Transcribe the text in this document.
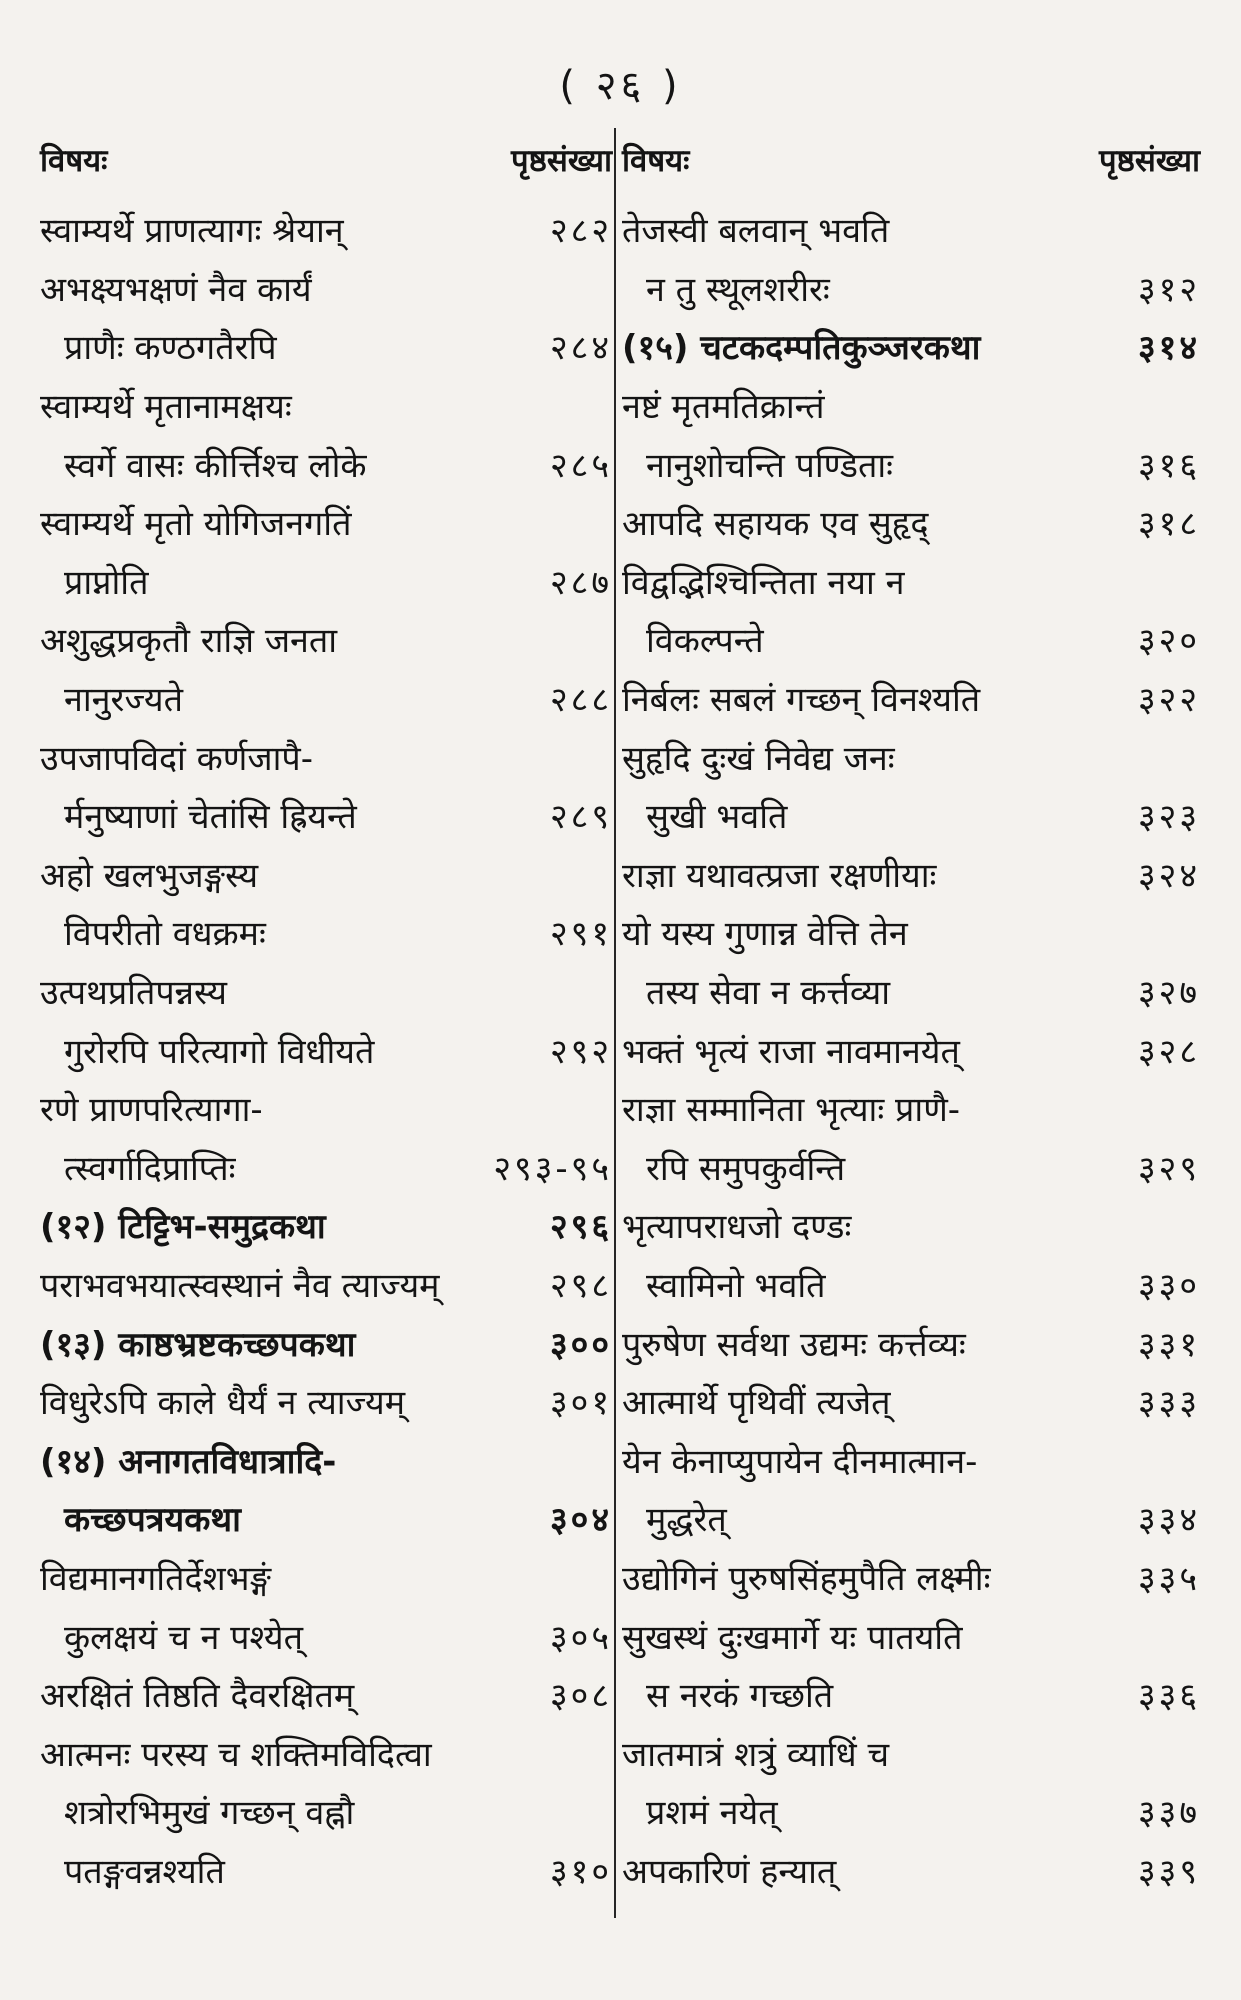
( २६ )
विषयः	पृष्ठसंख्या
स्वाम्यर्थे प्राणत्यागः श्रेयान्	२८२
अभक्ष्यभक्षणं नैव कार्यं
प्राणैः कण्ठगतैरपि	२८४
स्वाम्यर्थे मृतानामक्षयः
स्वर्गे वासः कीर्त्तिश्च लोके	२८५
स्वाम्यर्थे मृतो योगिजनगतिं
प्राप्नोति	२८७
अशुद्धप्रकृतौ राज्ञि जनता
नानुरज्यते	२८८
उपजापविदां कर्णजापै-
र्मनुष्याणां चेतांसि ह्रियन्ते	२८९
अहो खलभुजङ्गस्य
विपरीतो वधक्रमः	२९१
उत्पथप्रतिपन्नस्य
गुरोरपि परित्यागो विधीयते	२९२
रणे प्राणपरित्यागा-
त्स्वर्गादिप्राप्तिः	२९३-९५
(१२) टिट्टिभ-समुद्रकथा	२९६
पराभवभयात्स्वस्थानं नैव त्याज्यम्	२९८
(१३) काष्ठभ्रष्टकच्छपकथा	३००
विधुरेऽपि काले धैर्यं न त्याज्यम्	३०१
(१४) अनागतविधात्रादि-
कच्छपत्रयकथा	३०४
विद्यमानगतिर्देशभङ्गं
कुलक्षयं च न पश्येत्	३०५
अरक्षितं तिष्ठति दैवरक्षितम्	३०८
आत्मनः परस्य च शक्तिमविदित्वा
शत्रोरभिमुखं गच्छन् वह्नौ
पतङ्गवन्नश्यति	३१०
विषयः	पृष्ठसंख्या
तेजस्वी बलवान् भवति
न तु स्थूलशरीरः	३१२
(१५) चटकदम्पतिकुञ्जरकथा	३१४
नष्टं मृतमतिक्रान्तं
नानुशोचन्ति पण्डिताः	३१६
आपदि सहायक एव सुहृद्	३१८
विद्वद्भिश्चिन्तिता नया न
विकल्पन्ते	३२०
निर्बलः सबलं गच्छन् विनश्यति	३२२
सुहृदि दुःखं निवेद्य जनः
सुखी भवति	३२३
राज्ञा यथावत्प्रजा रक्षणीयाः	३२४
यो यस्य गुणान्न वेत्ति तेन
तस्य सेवा न कर्त्तव्या	३२७
भक्तं भृत्यं राजा नावमानयेत्	३२८
राज्ञा सम्मानिता भृत्याः प्राणै-
रपि समुपकुर्वन्ति	३२९
भृत्यापराधजो दण्डः
स्वामिनो भवति	३३०
पुरुषेण सर्वथा उद्यमः कर्त्तव्यः	३३१
आत्मार्थे पृथिवीं त्यजेत्	३३३
येन केनाप्युपायेन दीनमात्मान-
मुद्धरेत्	३३४
उद्योगिनं पुरुषसिंहमुपैति लक्ष्मीः	३३५
सुखस्थं दुःखमार्गे यः पातयति
स नरकं गच्छति	३३६
जातमात्रं शत्रुं व्याधिं च
प्रशमं नयेत्	३३७
अपकारिणं हन्यात्	३३९
